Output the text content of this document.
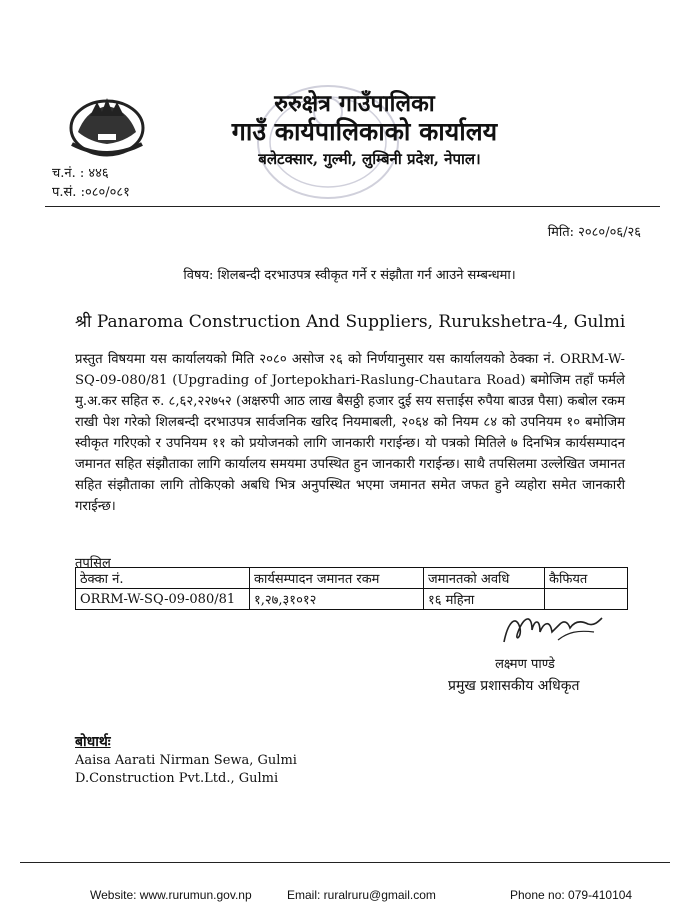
रुरुक्षेत्र गाउँपालिका
गाउँ कार्यपालिकाको कार्यालय
बलेटक्सार, गुल्मी, लुम्बिनी प्रदेश, नेपाल।
च.नं. : ४४६
प.सं. :०८०/०८१
मिति: २०८०/०६/२६
विषय: शिलबन्दी दरभाउपत्र स्वीकृत गर्ने र संझौता गर्न आउने सम्बन्धमा।
श्री Panaroma Construction And Suppliers, Rurukshetra-4, Gulmi
प्रस्तुत विषयमा यस कार्यालयको मिति २०८० असोज २६ को निर्णयानुसार यस कार्यालयको ठेक्का नं. ORRM-W-SQ-09-080/81 (Upgrading of Jortepokhari-Raslung-Chautara Road) बमोजिम तहाँ फर्मले मु.अ.कर सहित रु. ८,६२,२२७५२ (अक्षरुपी आठ लाख बैसठ्ठी हजार दुई सय सत्ताईस रुपैया बाउन्न पैसा) कबोल रकम राखी पेश गरेको शिलबन्दी दरभाउपत्र सार्वजनिक खरिद नियमाबली, २०६४ को नियम ८४ को उपनियम १० बमोजिम स्वीकृत गरिएको र उपनियम ११ को प्रयोजनको लागि जानकारी गराईन्छ। यो पत्रको मितिले ७ दिनभित्र कार्यसम्पादन जमानत सहित संझौताका लागि कार्यालय समयमा उपस्थित हुन जानकारी गराईन्छ। साथै तपसिलमा उल्लेखित जमानत सहित संझौताका लागि तोकिएको अबधि भित्र अनुपस्थित भएमा जमानत समेत जफत हुने व्यहोरा समेत जानकारी गराईन्छ।
तपसिल
ठेक्का नं.	कार्यसम्पादन जमानत रकम	जमानतको अवधि	कैफियत
ORRM-W-SQ-09-080/81	१,२७,३१०१२	१६ महिना	
लक्ष्मण पाण्डे
प्रमुख प्रशासकीय अधिकृत
बोधार्थः
Aaisa Aarati Nirman Sewa, Gulmi
D.Construction Pvt.Ltd., Gulmi
Website: www.rurumun.gov.np	Email: ruralruru@gmail.com	Phone no: 079-410104
